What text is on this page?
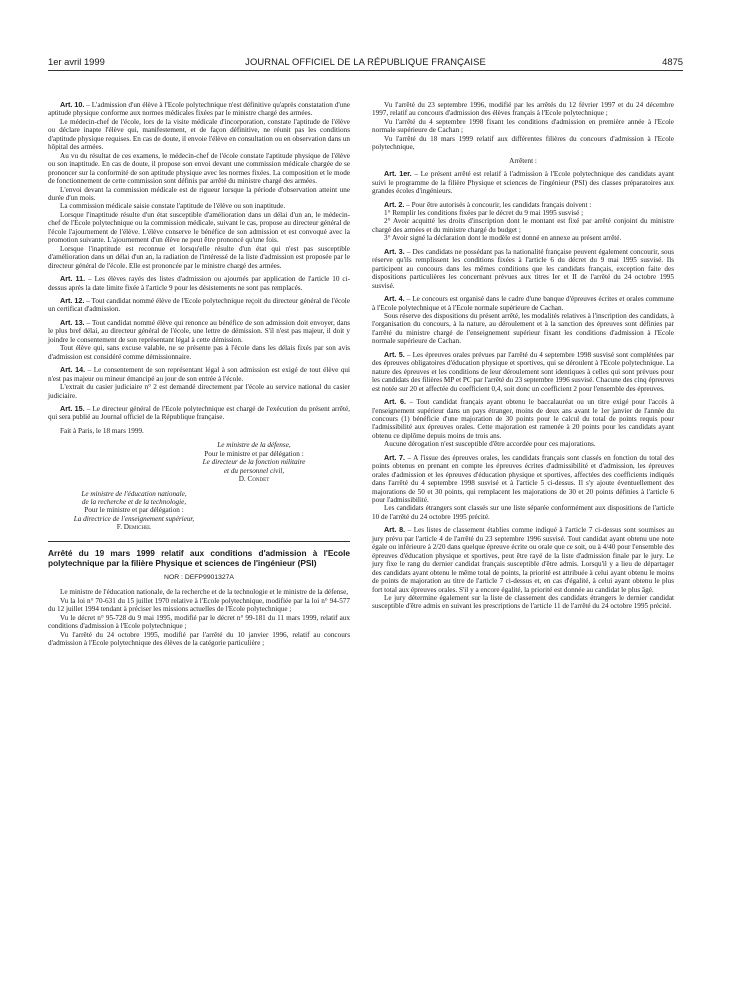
1er avril 1999	JOURNAL OFFICIEL DE LA RÉPUBLIQUE FRANÇAISE	4875

Art. 10. – L'admission d'un élève à l'Ecole polytechnique n'est définitive qu'après constatation d'une aptitude physique conforme aux normes médicales fixées par le ministre chargé des armées.

Le médecin-chef de l'école, lors de la visite médicale d'incorporation, constate l'aptitude de l'élève ou déclare inapte l'élève qui, manifestement, et de façon définitive, ne réunit pas les conditions d'aptitude physique requises. En cas de doute, il envoie l'élève en consultation ou en observation dans un hôpital des armées.

Au vu du résultat de ces examens, le médecin-chef de l'école constate l'aptitude physique de l'élève ou son inaptitude. En cas de doute, il propose son envoi devant une commission médicale chargée de se prononcer sur la conformité de son aptitude physique avec les normes fixées. La composition et le mode de fonctionnement de cette commission sont définis par arrêté du ministre chargé des armées.

L'envoi devant la commission médicale est de rigueur lorsque la période d'observation atteint une durée d'un mois.

La commission médicale saisie constate l'aptitude de l'élève ou son inaptitude.

Lorsque l'inaptitude résulte d'un état susceptible d'amélioration dans un délai d'un an, le médecin-chef de l'Ecole polytechnique ou la commission médicale, suivant le cas, propose au directeur général de l'école l'ajournement de l'élève. L'élève conserve le bénéfice de son admission et est convoqué avec la promotion suivante. L'ajournement d'un élève ne peut être prononcé qu'une fois.

Lorsque l'inaptitude est reconnue et lorsqu'elle résulte d'un état qui n'est pas susceptible d'amélioration dans un délai d'un an, la radiation de l'intéressé de la liste d'admission est proposée par le directeur général de l'école. Elle est prononcée par le ministre chargé des armées.

Art. 11. – Les élèves rayés des listes d'admission ou ajournés par application de l'article 10 ci-dessus après la date limite fixée à l'article 9 pour les désistements ne sont pas remplacés.

Art. 12. – Tout candidat nommé élève de l'Ecole polytechnique reçoit du directeur général de l'école un certificat d'admission.

Art. 13. – Tout candidat nommé élève qui renonce au bénéfice de son admission doit envoyer, dans le plus bref délai, au directeur général de l'école, une lettre de démission. S'il n'est pas majeur, il doit y joindre le consentement de son représentant légal à cette démission.

Tout élève qui, sans excuse valable, ne se présente pas à l'école dans les délais fixés par son avis d'admission est considéré comme démissionnaire.

Art. 14. – Le consentement de son représentant légal à son admission est exigé de tout élève qui n'est pas majeur ou mineur émancipé au jour de son entrée à l'école.

L'extrait du casier judiciaire n° 2 est demandé directement par l'école au service national du casier judiciaire.

Art. 15. – Le directeur général de l'Ecole polytechnique est chargé de l'exécution du présent arrêté, qui sera publié au Journal officiel de la République française.

Fait à Paris, le 18 mars 1999.

Le ministre de la défense,

Pour le ministre et par délégation :

Le directeur de la fonction militaire

et du personnel civil,

D. Condet

Le ministre de l'éducation nationale,

de la recherche et de la technologie,

Pour le ministre et par délégation :

La directrice de l'enseignement supérieur,

F. Demichel

Arrêté du 19 mars 1999 relatif aux conditions d'admission à l'Ecole polytechnique par la filière Physique et sciences de l'ingénieur (PSI)

NOR : DEFP9901327A

Le ministre de l'éducation nationale, de la recherche et de la technologie et le ministre de la défense,

Vu la loi n° 70-631 du 15 juillet 1970 relative à l'Ecole polytechnique, modifiée par la loi n° 94-577 du 12 juillet 1994 tendant à préciser les missions actuelles de l'Ecole polytechnique ;

Vu le décret n° 95-728 du 9 mai 1995, modifié par le décret n° 99-181 du 11 mars 1999, relatif aux conditions d'admission à l'Ecole polytechnique ;

Vu l'arrêté du 24 octobre 1995, modifié par l'arrêté du 10 janvier 1996, relatif au concours d'admission à l'Ecole polytechnique des élèves de la catégorie particulière ;

Vu l'arrêté du 23 septembre 1996, modifié par les arrêtés du 12 février 1997 et du 24 décembre 1997, relatif au concours d'admission des élèves français à l'Ecole polytechnique ;

Vu l'arrêté du 4 septembre 1998 fixant les conditions d'admission en première année à l'Ecole normale supérieure de Cachan ;

Vu l'arrêté du 18 mars 1999 relatif aux différentes filières du concours d'admission à l'Ecole polytechnique,

Arrêtent :

Art. 1er. – Le présent arrêté est relatif à l'admission à l'Ecole polytechnique des candidats ayant suivi le programme de la filière Physique et sciences de l'ingénieur (PSI) des classes préparatoires aux grandes écoles d'ingénieurs.

Art. 2. – Pour être autorisés à concourir, les candidats français doivent :

1° Remplir les conditions fixées par le décret du 9 mai 1995 susvisé ;

2° Avoir acquitté les droits d'inscription dont le montant est fixé par arrêté conjoint du ministre chargé des armées et du ministre chargé du budget ;

3° Avoir signé la déclaration dont le modèle est donné en annexe au présent arrêté.

Art. 3. – Des candidats ne possédant pas la nationalité française peuvent également concourir, sous réserve qu'ils remplissent les conditions fixées à l'article 6 du décret du 9 mai 1995 susvisé. Ils participent au concours dans les mêmes conditions que les candidats français, exception faite des dispositions particulières les concernant prévues aux titres Ier et II de l'arrêté du 24 octobre 1995 susvisé.

Art. 4. – Le concours est organisé dans le cadre d'une banque d'épreuves écrites et orales commune à l'Ecole polytechnique et à l'Ecole normale supérieure de Cachan.

Sous réserve des dispositions du présent arrêté, les modalités relatives à l'inscription des candidats, à l'organisation du concours, à la nature, au déroulement et à la sanction des épreuves sont définies par l'arrêté du ministre chargé de l'enseignement supérieur fixant les conditions d'admission à l'Ecole normale supérieure de Cachan.

Art. 5. – Les épreuves orales prévues par l'arrêté du 4 septembre 1998 susvisé sont complétées par des épreuves obligatoires d'éducation physique et sportives, qui se déroulent à l'Ecole polytechnique. La nature des épreuves et les conditions de leur déroulement sont identiques à celles qui sont prévues pour les candidats des filières MP et PC par l'arrêté du 23 septembre 1996 susvisé. Chacune des cinq épreuves est notée sur 20 et affectée du coefficient 0,4, soit donc un coefficient 2 pour l'ensemble des épreuves.

Art. 6. – Tout candidat français ayant obtenu le baccalauréat ou un titre exigé pour l'accès à l'enseignement supérieur dans un pays étranger, moins de deux ans avant le 1er janvier de l'année du concours (1) bénéficie d'une majoration de 30 points pour le calcul du total de points requis pour l'admissibilité aux épreuves orales. Cette majoration est ramenée à 20 points pour les candidats ayant obtenu ce diplôme depuis moins de trois ans.

Aucune dérogation n'est susceptible d'être accordée pour ces majorations.

Art. 7. – A l'issue des épreuves orales, les candidats français sont classés en fonction du total des points obtenus en prenant en compte les épreuves écrites d'admissibilité et d'admission, les épreuves orales d'admission et les épreuves d'éducation physique et sportives, affectées des coefficients indiqués dans l'arrêté du 4 septembre 1998 susvisé et à l'article 5 ci-dessus. Il s'y ajoute éventuellement des majorations de 50 et 30 points, qui remplacent les majorations de 30 et 20 points définies à l'article 6 pour l'admissibilité.

Les candidats étrangers sont classés sur une liste séparée conformément aux dispositions de l'article 10 de l'arrêté du 24 octobre 1995 précité.

Art. 8. – Les listes de classement établies comme indiqué à l'article 7 ci-dessus sont soumises au jury prévu par l'article 4 de l'arrêté du 23 septembre 1996 susvisé. Tout candidat ayant obtenu une note égale ou inférieure à 2/20 dans quelque épreuve écrite ou orale que ce soit, ou à 4/40 pour l'ensemble des épreuves d'éducation physique et sportives, peut être rayé de la liste d'admission finale par le jury. Le jury fixe le rang du dernier candidat français susceptible d'être admis. Lorsqu'il y a lieu de départager des candidats ayant obtenu le même total de points, la priorité est attribuée à celui ayant obtenu le moins de points de majoration au titre de l'article 7 ci-dessus et, en cas d'égalité, à celui ayant obtenu le plus fort total aux épreuves orales. S'il y a encore égalité, la priorité est donnée au candidat le plus âgé.

Le jury détermine également sur la liste de classement des candidats étrangers le dernier candidat susceptible d'être admis en suivant les prescriptions de l'article 11 de l'arrêté du 24 octobre 1995 précité.
